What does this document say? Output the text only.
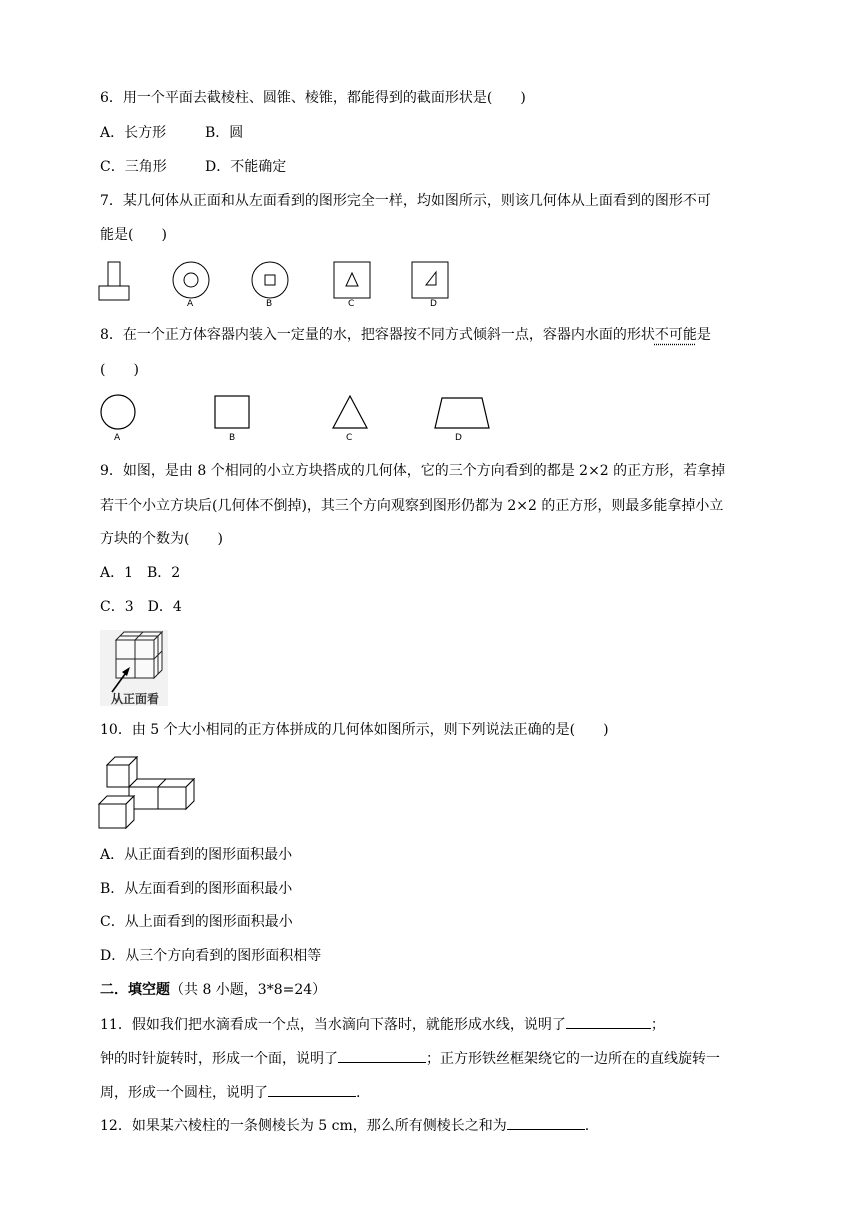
6．用一个平面去截棱柱、圆锥、棱锥，都能得到的截面形状是(　　)
A．长方形	B．圆
C．三角形	D．不能确定
7．某几何体从正面和从左面看到的图形完全一样，均如图所示，则该几何体从上面看到的图形不可
能是(　　)
A	B	C	D
8．在一个正方体容器内装入一定量的水，把容器按不同方式倾斜一点，容器内水面的形状不可能是
(　　)
A	B	C	D
9．如图，是由 8 个相同的小立方块搭成的几何体，它的三个方向看到的都是 2×2 的正方形，若拿掉
若干个小立方块后(几何体不倒掉)，其三个方向观察到图形仍都为 2×2 的正方形，则最多能拿掉小立
方块的个数为(　　)
A．1　B．2
C．3　D．4
从正面看
10．由 5 个大小相同的正方体拼成的几何体如图所示，则下列说法正确的是(　　)
A．从正面看到的图形面积最小
B．从左面看到的图形面积最小
C．从上面看到的图形面积最小
D．从三个方向看到的图形面积相等
二．填空题（共 8 小题，3*8=24）
11．假如我们把水滴看成一个点，当水滴向下落时，就能形成水线，说明了	；
钟的时针旋转时，形成一个面，说明了	；正方形铁丝框架绕它的一边所在的直线旋转一
周，形成一个圆柱，说明了	.
12．如果某六棱柱的一条侧棱长为 5 cm，那么所有侧棱长之和为	.
